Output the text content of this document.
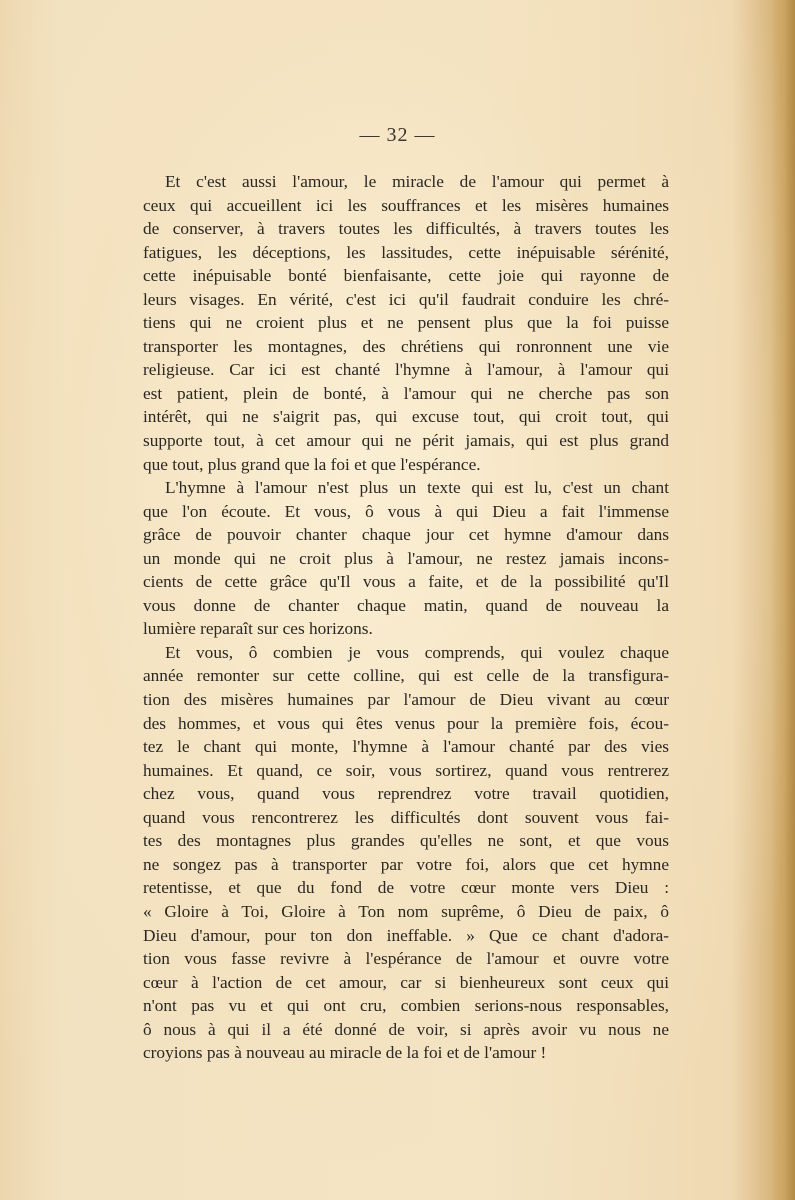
— 32 —
Et c'est aussi l'amour, le miracle de l'amour qui permet à
ceux qui accueillent ici les souffrances et les misères humaines
de conserver, à travers toutes les difficultés, à travers toutes les
fatigues, les déceptions, les lassitudes, cette inépuisable sérénité,
cette inépuisable bonté bienfaisante, cette joie qui rayonne de
leurs visages. En vérité, c'est ici qu'il faudrait conduire les chré-
tiens qui ne croient plus et ne pensent plus que la foi puisse
transporter les montagnes, des chrétiens qui ronronnent une vie
religieuse. Car ici est chanté l'hymne à l'amour, à l'amour qui
est patient, plein de bonté, à l'amour qui ne cherche pas son
intérêt, qui ne s'aigrit pas, qui excuse tout, qui croit tout, qui
supporte tout, à cet amour qui ne périt jamais, qui est plus grand
que tout, plus grand que la foi et que l'espérance.
L'hymne à l'amour n'est plus un texte qui est lu, c'est un chant
que l'on écoute. Et vous, ô vous à qui Dieu a fait l'immense
grâce de pouvoir chanter chaque jour cet hymne d'amour dans
un monde qui ne croit plus à l'amour, ne restez jamais incons-
cients de cette grâce qu'Il vous a faite, et de la possibilité qu'Il
vous donne de chanter chaque matin, quand de nouveau la
lumière reparaît sur ces horizons.
Et vous, ô combien je vous comprends, qui voulez chaque
année remonter sur cette colline, qui est celle de la transfigura-
tion des misères humaines par l'amour de Dieu vivant au cœur
des hommes, et vous qui êtes venus pour la première fois, écou-
tez le chant qui monte, l'hymne à l'amour chanté par des vies
humaines. Et quand, ce soir, vous sortirez, quand vous rentrerez
chez vous, quand vous reprendrez votre travail quotidien,
quand vous rencontrerez les difficultés dont souvent vous fai-
tes des montagnes plus grandes qu'elles ne sont, et que vous
ne songez pas à transporter par votre foi, alors que cet hymne
retentisse, et que du fond de votre cœur monte vers Dieu :
« Gloire à Toi, Gloire à Ton nom suprême, ô Dieu de paix, ô
Dieu d'amour, pour ton don ineffable. » Que ce chant d'adora-
tion vous fasse revivre à l'espérance de l'amour et ouvre votre
cœur à l'action de cet amour, car si bienheureux sont ceux qui
n'ont pas vu et qui ont cru, combien serions-nous responsables,
ô nous à qui il a été donné de voir, si après avoir vu nous ne
croyions pas à nouveau au miracle de la foi et de l'amour !
